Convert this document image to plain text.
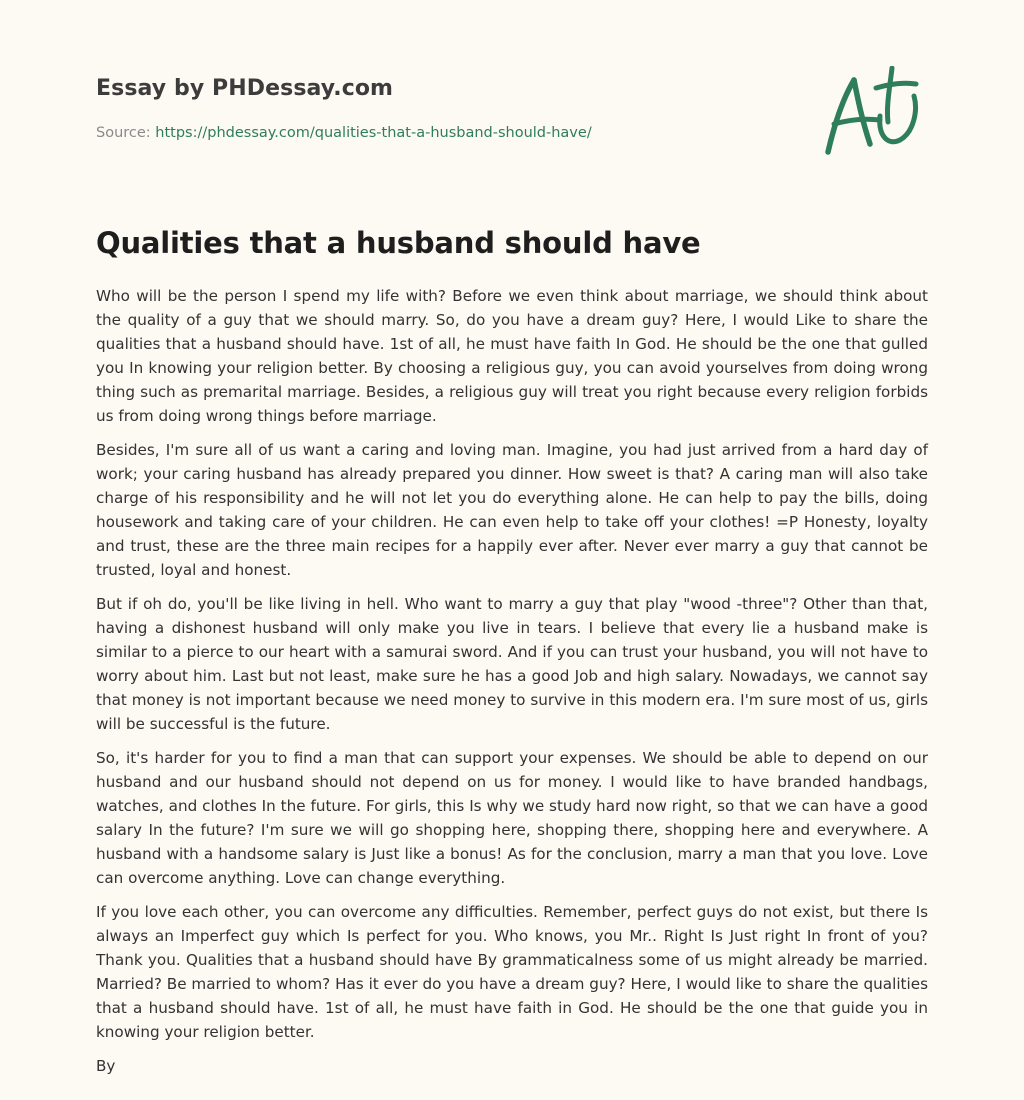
Essay by PHDessay.com
Source: https://phdessay.com/qualities-that-a-husband-should-have/
Qualities that a husband should have

Who will be the person I spend my life with? Before we even think about marriage, we should think about the quality of a guy that we should marry. So, do you have a dream guy? Here, I would Like to share the qualities that a husband should have. 1st of all, he must have faith In God. He should be the one that gulled you In knowing your religion better. By choosing a religious guy, you can avoid yourselves from doing wrong thing such as premarital marriage. Besides, a religious guy will treat you right because every religion forbids us from doing wrong things before marriage.

Besides, I'm sure all of us want a caring and loving man. Imagine, you had just arrived from a hard day of work; your caring husband has already prepared you dinner. How sweet is that? A caring man will also take charge of his responsibility and he will not let you do everything alone. He can help to pay the bills, doing housework and taking care of your children. He can even help to take off your clothes! =P Honesty, loyalty and trust, these are the three main recipes for a happily ever after. Never ever marry a guy that cannot be trusted, loyal and honest.

But if oh do, you'll be like living in hell. Who want to marry a guy that play "wood -three"? Other than that, having a dishonest husband will only make you live in tears. I believe that every lie a husband make is similar to a pierce to our heart with a samurai sword. And if you can trust your husband, you will not have to worry about him. Last but not least, make sure he has a good Job and high salary. Nowadays, we cannot say that money is not important because we need money to survive in this modern era. I'm sure most of us, girls will be successful is the future.

So, it's harder for you to find a man that can support your expenses. We should be able to depend on our husband and our husband should not depend on us for money. I would like to have branded handbags, watches, and clothes In the future. For girls, this Is why we study hard now right, so that we can have a good salary In the future? I'm sure we will go shopping here, shopping there, shopping here and everywhere. A husband with a handsome salary is Just like a bonus! As for the conclusion, marry a man that you love. Love can overcome anything. Love can change everything.

If you love each other, you can overcome any difficulties. Remember, perfect guys do not exist, but there Is always an Imperfect guy which Is perfect for you. Who knows, you Mr.. Right Is Just right In front of you? Thank you. Qualities that a husband should have By grammaticalness some of us might already be married. Married? Be married to whom? Has it ever do you have a dream guy? Here, I would like to share the qualities that a husband should have. 1st of all, he must have faith in God. He should be the one that guide you in knowing your religion better.

By
